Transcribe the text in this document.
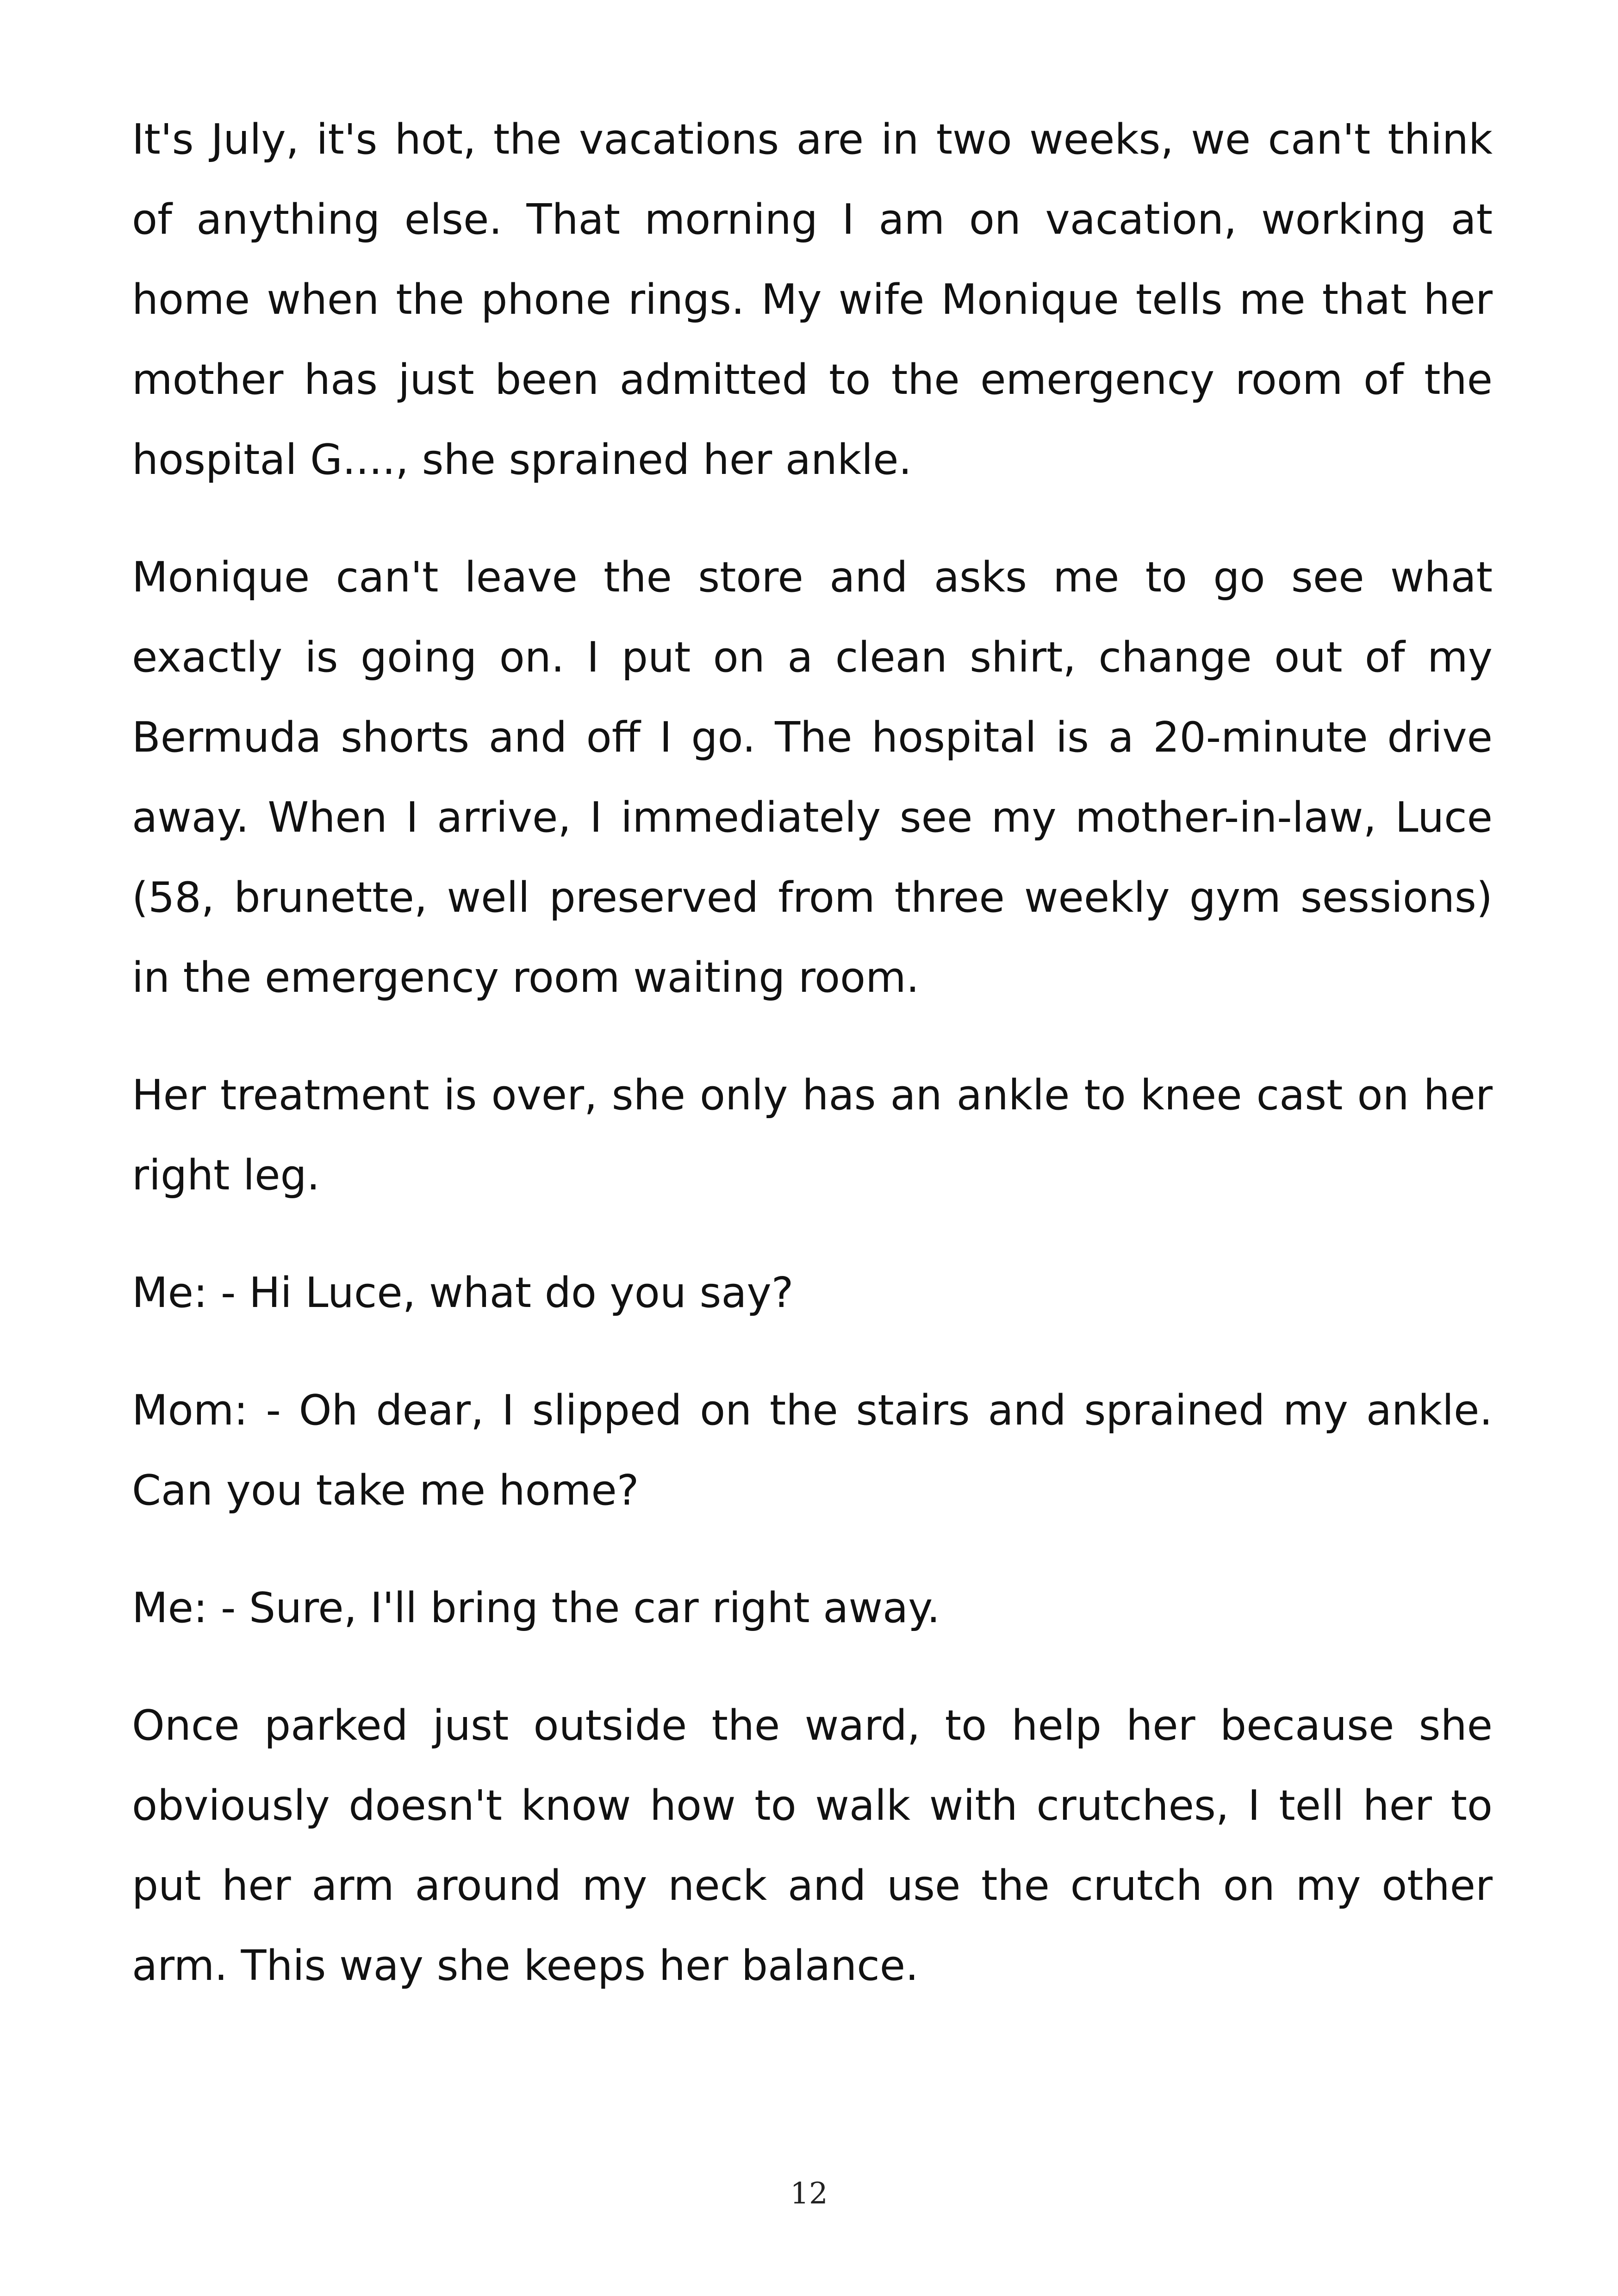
It's July, it's hot, the vacations are in two weeks, we can't think of anything else. That morning I am on vacation, working at home when the phone rings. My wife Monique tells me that her mother has just been admitted to the emergency room of the hospital G...., she sprained her ankle.

Monique can't leave the store and asks me to go see what exactly is going on. I put on a clean shirt, change out of my Bermuda shorts and off I go. The hospital is a 20-minute drive away. When I arrive, I immediately see my mother-in-law, Luce (58, brunette, well preserved from three weekly gym sessions) in the emergency room waiting room.

Her treatment is over, she only has an ankle to knee cast on her right leg.

Me: - Hi Luce, what do you say?

Mom: - Oh dear, I slipped on the stairs and sprained my ankle. Can you take me home?

Me: - Sure, I'll bring the car right away.

Once parked just outside the ward, to help her because she obviously doesn't know how to walk with crutches, I tell her to put her arm around my neck and use the crutch on my other arm. This way she keeps her balance.

12
